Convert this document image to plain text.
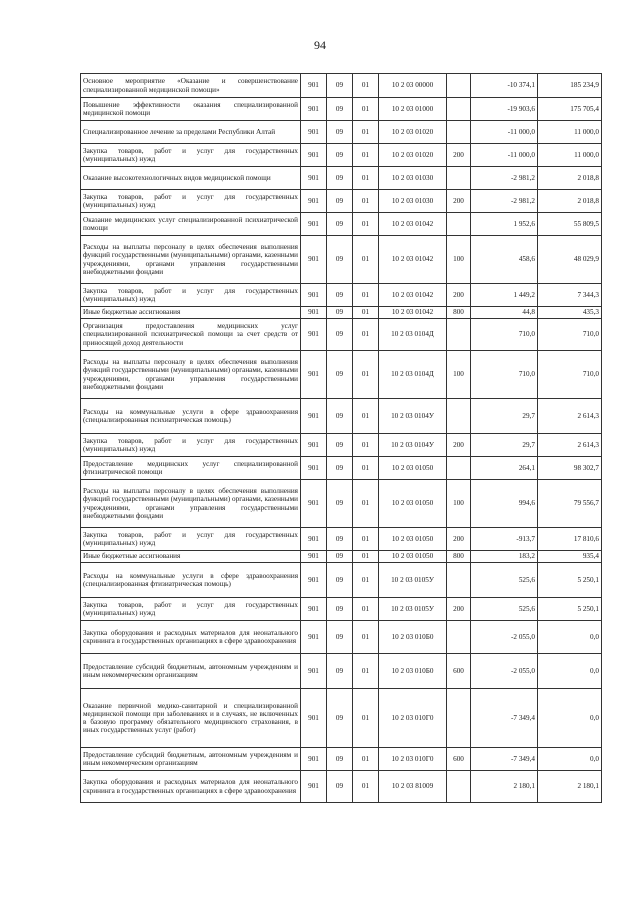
94
Основное мероприятие «Оказание и совершенствование специализированной медицинской помощи»	901	09	01	10 2 03 00000		-10 374,1	185 234,9
Повышение эффективности оказания специализированной медицинской помощи	901	09	01	10 2 03 01000		-19 903,6	175 705,4
Специализированное лечение за пределами Республики Алтай	901	09	01	10 2 03 01020		-11 000,0	11 000,0
Закупка товаров, работ и услуг для государственных (муниципальных) нужд	901	09	01	10 2 03 01020	200	-11 000,0	11 000,0
Оказание высокотехнологичных видов медицинской помощи	901	09	01	10 2 03 01030		-2 981,2	2 018,8
Закупка товаров, работ и услуг для государственных (муниципальных) нужд	901	09	01	10 2 03 01030	200	-2 981,2	2 018,8
Оказание медицинских услуг специализированной психиатрической помощи	901	09	01	10 2 03 01042		1 952,6	55 809,5
Расходы на выплаты персоналу в целях обеспечения выполнения функций государственными (муниципальными) органами, казенными учреждениями, органами управления государственными внебюджетными фондами	901	09	01	10 2 03 01042	100	458,6	48 029,9
Закупка товаров, работ и услуг для государственных (муниципальных) нужд	901	09	01	10 2 03 01042	200	1 449,2	7 344,3
Иные бюджетные ассигнования	901	09	01	10 2 03 01042	800	44,8	435,3
Организация предоставления медицинских услуг специализированной психиатрической помощи за счет средств от приносящей доход деятельности	901	09	01	10 2 03 0104Д		710,0	710,0
Расходы на выплаты персоналу в целях обеспечения выполнения функций государственными (муниципальными) органами, казенными учреждениями, органами управления государственными внебюджетными фондами	901	09	01	10 2 03 0104Д	100	710,0	710,0
Расходы на коммунальные услуги в сфере здравоохранения (специализированная психиатрическая помощь)	901	09	01	10 2 03 0104У		29,7	2 614,3
Закупка товаров, работ и услуг для государственных (муниципальных) нужд	901	09	01	10 2 03 0104У	200	29,7	2 614,3
Предоставление медицинских услуг специализированной фтизиатрической помощи	901	09	01	10 2 03 01050		264,1	98 302,7
Расходы на выплаты персоналу в целях обеспечения выполнения функций государственными (муниципальными) органами, казенными учреждениями, органами управления государственными внебюджетными фондами	901	09	01	10 2 03 01050	100	994,6	79 556,7
Закупка товаров, работ и услуг для государственных (муниципальных) нужд	901	09	01	10 2 03 01050	200	-913,7	17 810,6
Иные бюджетные ассигнования	901	09	01	10 2 03 01050	800	183,2	935,4
Расходы на коммунальные услуги в сфере здравоохранения (специализированная фтизиатрическая помощь)	901	09	01	10 2 03 0105У		525,6	5 250,1
Закупка товаров, работ и услуг для государственных (муниципальных) нужд	901	09	01	10 2 03 0105У	200	525,6	5 250,1
Закупка оборудования и расходных материалов для неонатального скрининга в государственных организациях в сфере здравоохранения	901	09	01	10 2 03 010Б0		-2 055,0	0,0
Предоставление субсидий бюджетным, автономным учреждениям и иным некоммерческим организациям	901	09	01	10 2 03 010Б0	600	-2 055,0	0,0
Оказание первичной медико-санитарной и специализированной медицинской помощи при заболеваниях и в случаях, не включенных в базовую программу обязательного медицинского страхования, в иных государственных услуг (работ)	901	09	01	10 2 03 010Г0		-7 349,4	0,0
Предоставление субсидий бюджетным, автономным учреждениям и иным некоммерческим организациям	901	09	01	10 2 03 010Г0	600	-7 349,4	0,0
Закупка оборудования и расходных материалов для неонатального скрининга в государственных организациях в сфере здравоохранения	901	09	01	10 2 03 81009		2 180,1	2 180,1
